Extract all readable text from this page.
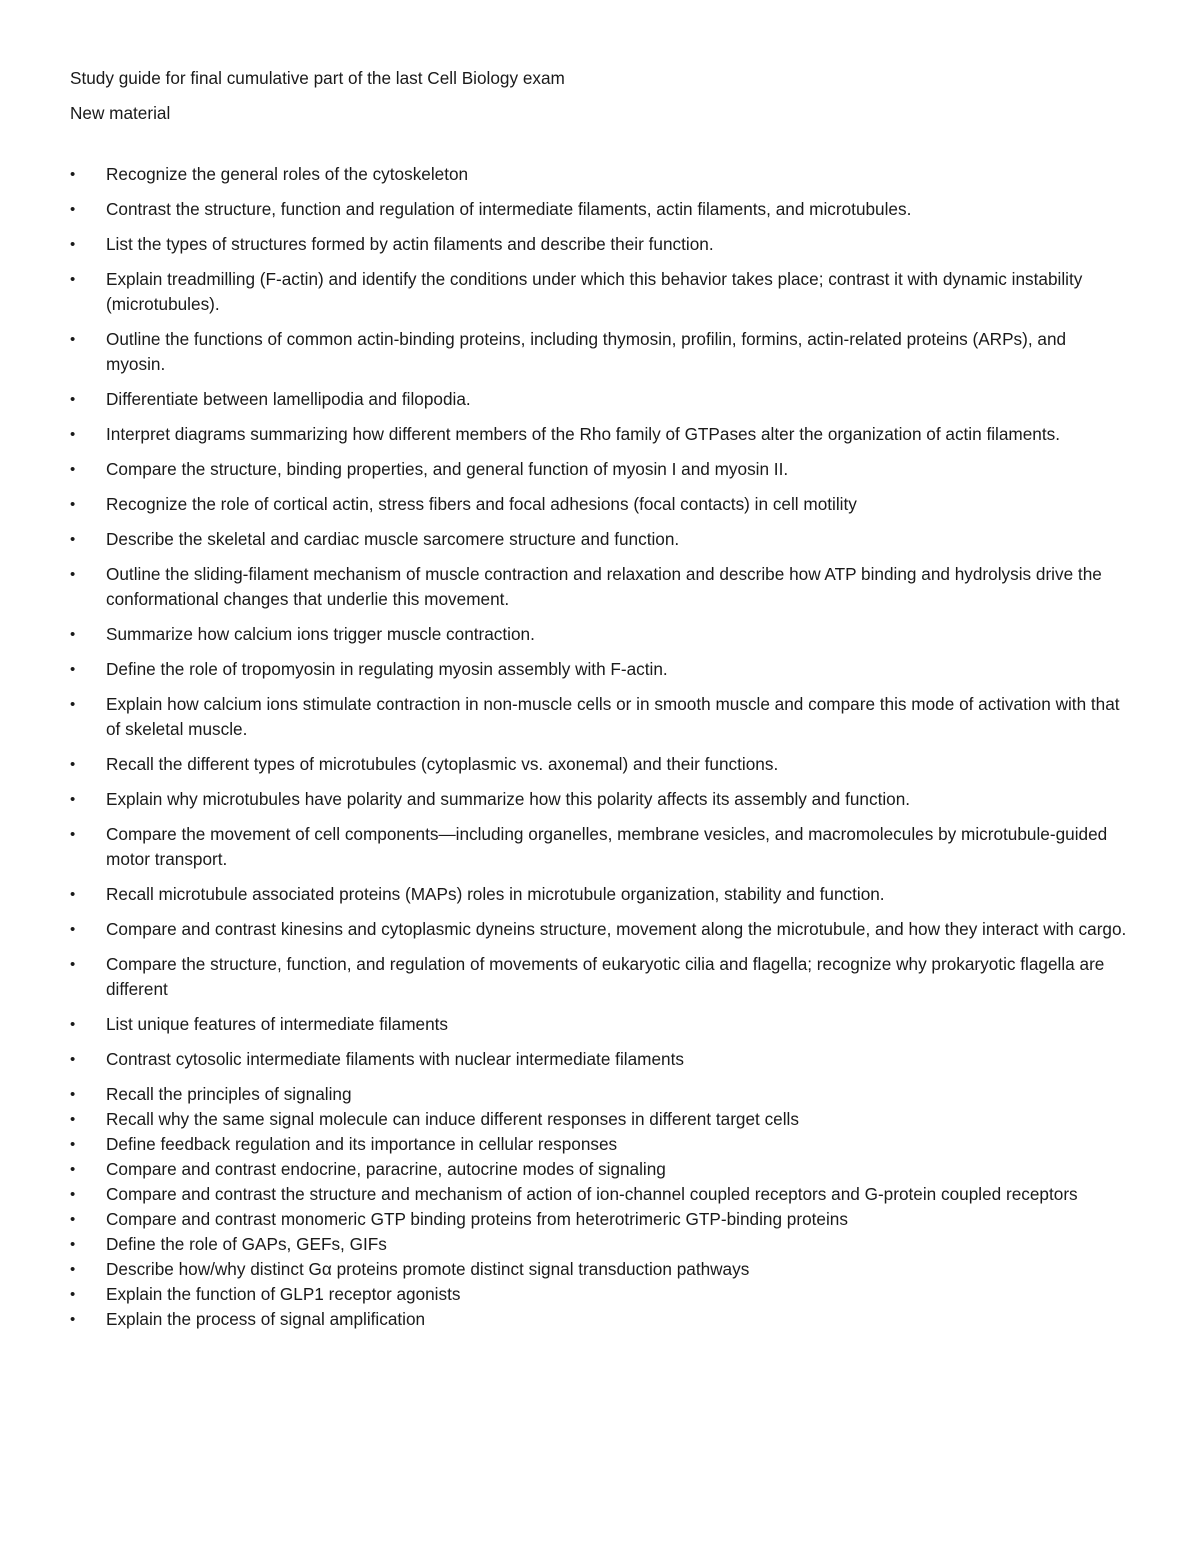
Study guide for final cumulative part of the last Cell Biology exam
New material
•	Recognize the general roles of the cytoskeleton
•	Contrast the structure, function and regulation of intermediate filaments, actin filaments, and microtubules.
•	List the types of structures formed by actin filaments and describe their function.
•	Explain treadmilling (F-actin) and identify the conditions under which this behavior takes place; contrast it with dynamic instability (microtubules).
•	Outline the functions of common actin-binding proteins, including thymosin, profilin, formins, actin-related proteins (ARPs), and myosin.
•	Differentiate between lamellipodia and filopodia.
•	Interpret diagrams summarizing how different members of the Rho family of GTPases alter the organization of actin filaments.
•	Compare the structure, binding properties, and general function of myosin I and myosin II.
•	Recognize the role of cortical actin, stress fibers and focal adhesions (focal contacts) in cell motility
•	Describe the skeletal and cardiac muscle sarcomere structure and function.
•	Outline the sliding-filament mechanism of muscle contraction and relaxation and describe how ATP binding and hydrolysis drive the conformational changes that underlie this movement.
•	Summarize how calcium ions trigger muscle contraction.
•	Define the role of tropomyosin in regulating myosin assembly with F-actin.
•	Explain how calcium ions stimulate contraction in non-muscle cells or in smooth muscle and compare this mode of activation with that of skeletal muscle.
•	Recall the different types of microtubules (cytoplasmic vs. axonemal) and their functions.
•	Explain why microtubules have polarity and summarize how this polarity affects its assembly and function.
•	Compare the movement of cell components—including organelles, membrane vesicles, and macromolecules by microtubule-guided motor transport.
•	Recall microtubule associated proteins (MAPs) roles in microtubule organization, stability and function.
•	Compare and contrast kinesins and cytoplasmic dyneins structure, movement along the microtubule, and how they interact with cargo.
•	Compare the structure, function, and regulation of movements of eukaryotic cilia and flagella; recognize why prokaryotic flagella are different
•	List unique features of intermediate filaments
•	Contrast cytosolic intermediate filaments with nuclear intermediate filaments
•	Recall the principles of signaling
•	Recall why the same signal molecule can induce different responses in different target cells
•	Define feedback regulation and its importance in cellular responses
•	Compare and contrast endocrine, paracrine, autocrine modes of signaling
•	Compare and contrast the structure and mechanism of action of ion-channel coupled receptors and G-protein coupled receptors
•	Compare and contrast monomeric GTP binding proteins from heterotrimeric GTP-binding proteins
•	Define the role of GAPs, GEFs, GIFs
•	Describe how/why distinct Gα proteins promote distinct signal transduction pathways
•	Explain the function of GLP1 receptor agonists
•	Explain the process of signal amplification
